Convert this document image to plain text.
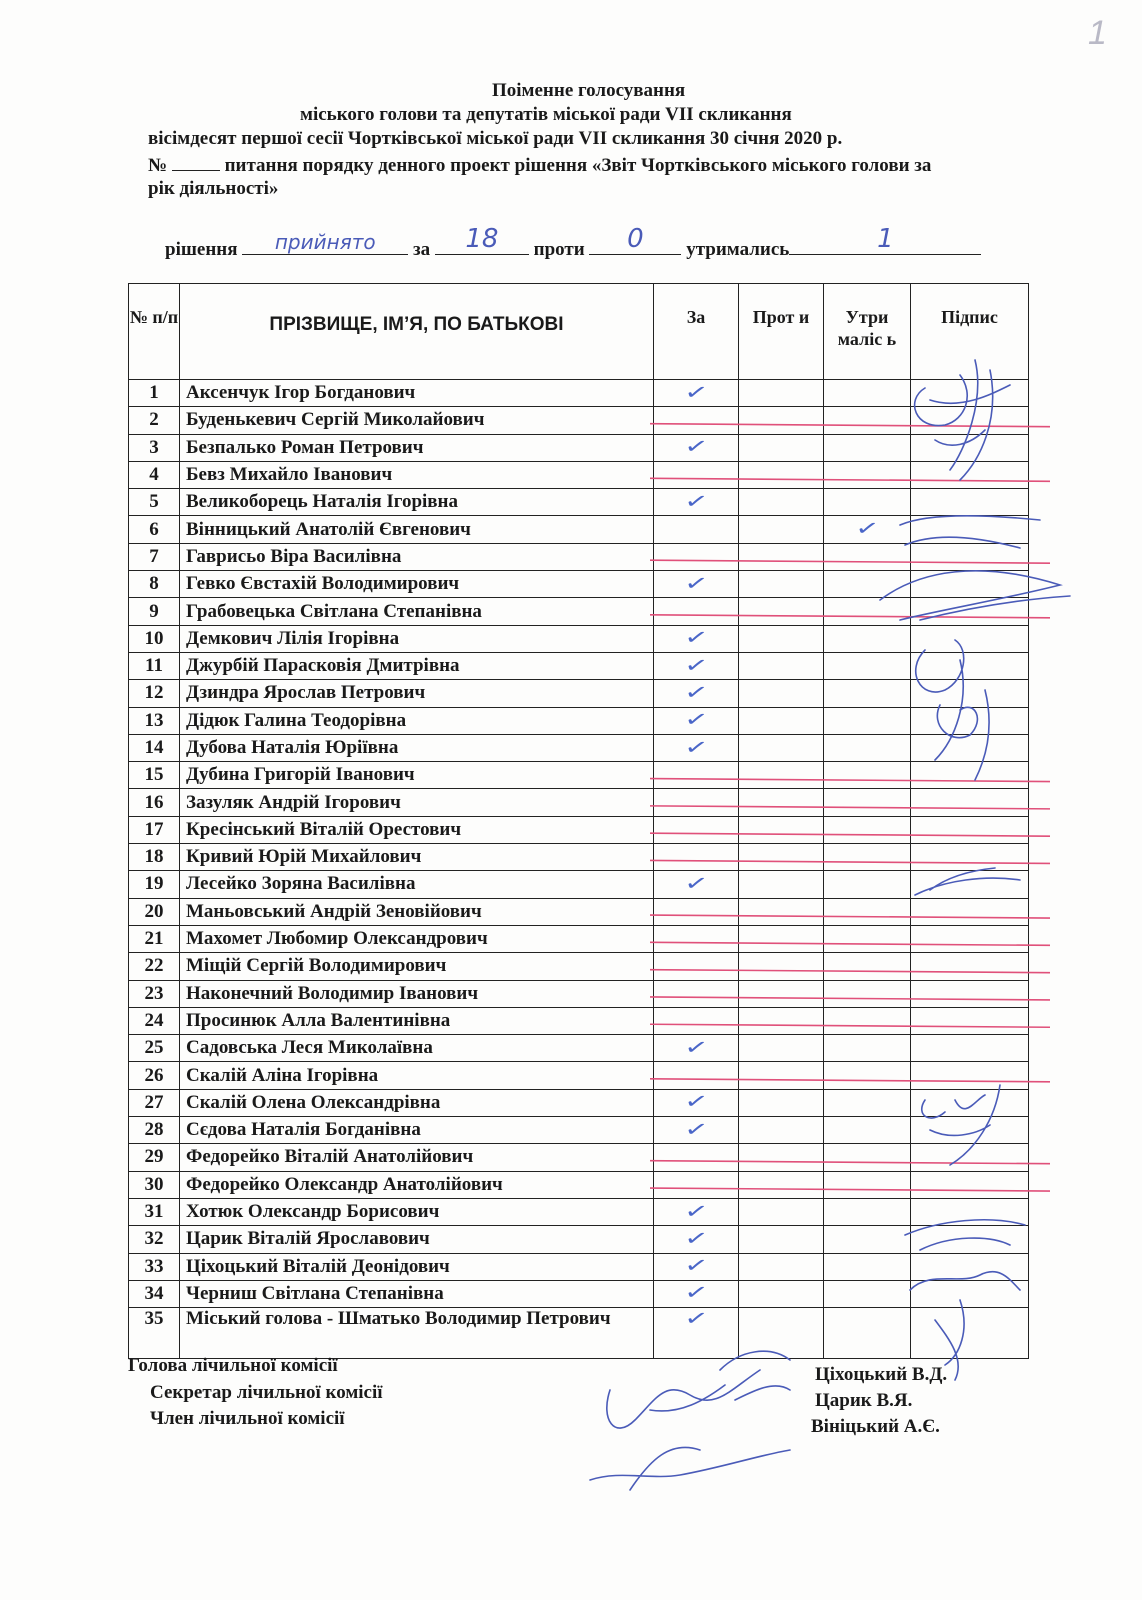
1
Поіменне голосування
міського голови та депутатів міської ради VII скликання
вісімдесят першої сесії Чортківської міської ради VII скликання 30 січня 2020 р.
№	питання порядку денного проект рішення «Звіт Чортківського міського голови за
рік діяльності»
рішення	прийнято	за	18	проти	0	утримались	1
№ п/п	ПРІЗВИЩЕ, ІМ’Я, ПО БАТЬКОВІ	За	Прот и	Утри маліс ь	Підпис
1	Аксенчук Ігор Богданович	✓			
2	Буденькевич Сергій Миколайович				
3	Безпалько Роман Петрович	✓			
4	Бевз Михайло Іванович				
5	Великоборець Наталія Ігорівна	✓			
6	Вінницький Анатолій Євгенович			✓	
7	Гаврисьо Віра Василівна				
8	Гевко Євстахій Володимирович	✓			
9	Грабовецька Світлана Степанівна				
10	Демкович Лілія Ігорівна	✓			
11	Джурбій Парасковія Дмитрівна	✓			
12	Дзиндра Ярослав Петрович	✓			
13	Дідюк Галина Теодорівна	✓			
14	Дубова Наталія Юріївна	✓			
15	Дубина Григорій Іванович				
16	Зазуляк Андрій Ігорович				
17	Кресінський Віталій Орестович				
18	Кривий Юрій Михайлович				
19	Лесейко Зоряна Василівна	✓			
20	Маньовський Андрій Зеновійович				
21	Махомет Любомир Олександрович				
22	Міщій Сергій Володимирович				
23	Наконечний Володимир Іванович				
24	Просинюк Алла Валентинівна				
25	Садовська Леся Миколаївна	✓			
26	Скалій Аліна Ігорівна				
27	Скалій Олена Олександрівна	✓			
28	Сєдова Наталія Богданівна	✓			
29	Федорейко Віталій Анатолійович				
30	Федорейко Олександр Анатолійович				
31	Хотюк Олександр Борисович	✓			
32	Царик Віталій Ярославович	✓			
33	Ціхоцький Віталій Деонідович	✓			
34	Черниш Світлана Степанівна	✓			
35	Міський голова - Шматько Володимир Петрович	✓			
Голова лічильної комісії
Секретар лічильної комісії
Член лічильної комісії
Ціхоцький В.Д.
Царик В.Я.
Вініцький А.Є.
